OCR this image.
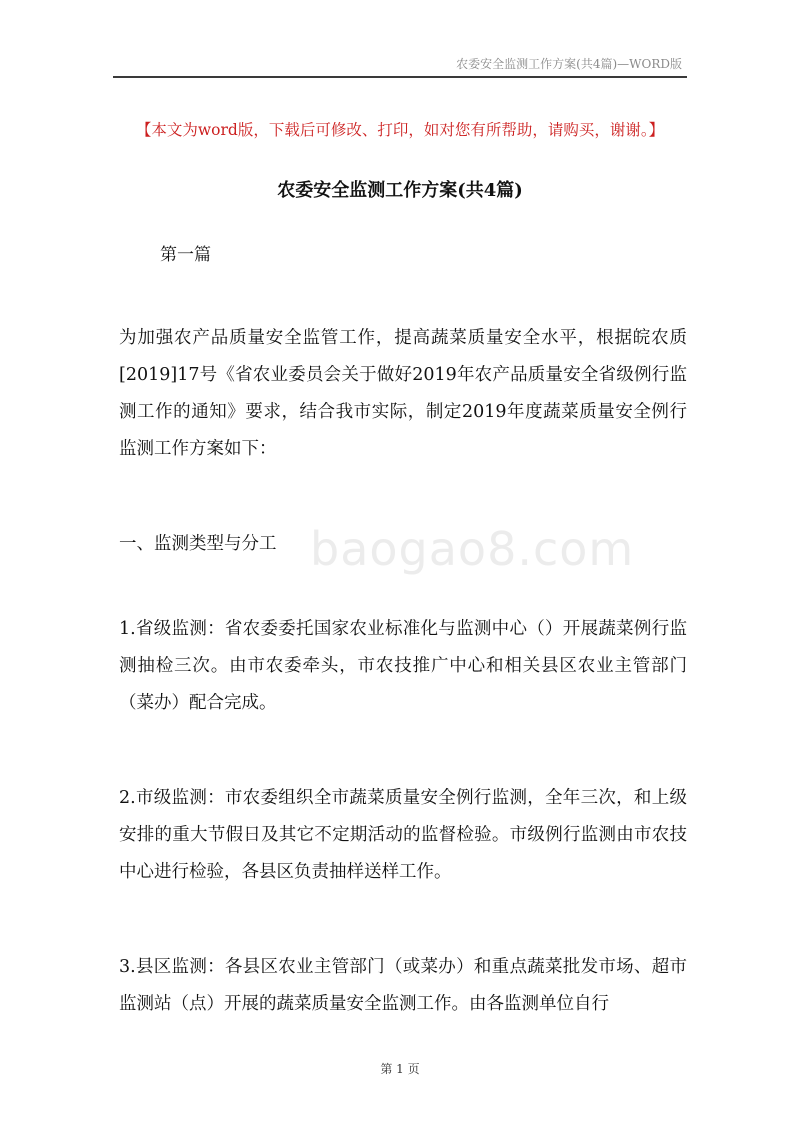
农委安全监测工作方案(共4篇)—WORD版
【本文为word版，下载后可修改、打印，如对您有所帮助，请购买，谢谢。】
农委安全监测工作方案(共4篇)
第一篇

为加强农产品质量安全监管工作，提高蔬菜质量安全水平，根据皖农质[2019]17号《省农业委员会关于做好2019年农产品质量安全省级例行监测工作的通知》要求，结合我市实际，制定2019年度蔬菜质量安全例行监测工作方案如下：

一、监测类型与分工

1.省级监测：省农委委托国家农业标准化与监测中心（）开展蔬菜例行监测抽检三次。由市农委牵头，市农技推广中心和相关县区农业主管部门（菜办）配合完成。

2.市级监测：市农委组织全市蔬菜质量安全例行监测，全年三次，和上级安排的重大节假日及其它不定期活动的监督检验。市级例行监测由市农技中心进行检验，各县区负责抽样送样工作。

3.县区监测：各县区农业主管部门（或菜办）和重点蔬菜批发市场、超市监测站（点）开展的蔬菜质量安全监测工作。由各监测单位自行

baogao8.com
第 1 页
